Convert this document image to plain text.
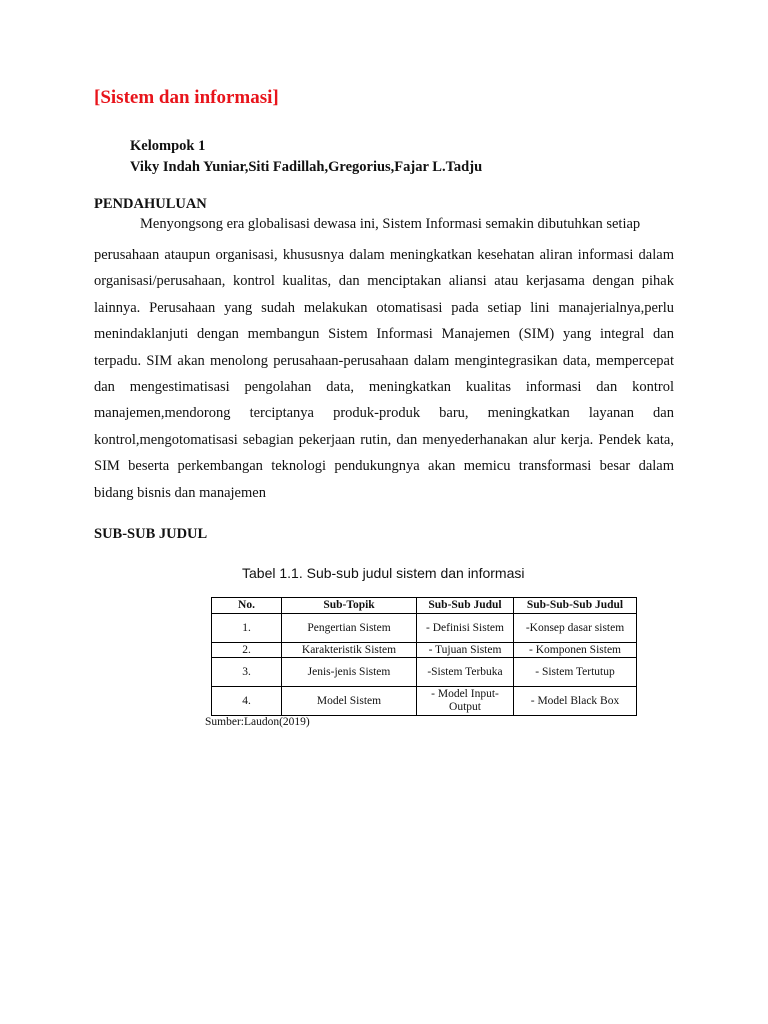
[Sistem dan informasi]
Kelompok 1
Viky Indah Yuniar,Siti Fadillah,Gregorius,Fajar L.Tadju
PENDAHULUAN
Menyongsong era globalisasi dewasa ini, Sistem Informasi semakin dibutuhkan setiap
perusahaan ataupun organisasi, khususnya dalam meningkatkan kesehatan aliran informasi dalam organisasi/perusahaan, kontrol kualitas, dan menciptakan aliansi atau kerjasama dengan pihak lainnya. Perusahaan yang sudah melakukan otomatisasi pada setiap lini manajerialnya,perlu menindaklanjuti dengan membangun Sistem Informasi Manajemen (SIM) yang integral dan terpadu. SIM akan menolong perusahaan-perusahaan dalam mengintegrasikan data, mempercepat dan mengestimatisasi pengolahan data, meningkatkan kualitas informasi dan kontrol manajemen,mendorong terciptanya produk-produk baru, meningkatkan layanan dan kontrol,mengotomatisasi sebagian pekerjaan rutin, dan menyederhanakan alur kerja. Pendek kata, SIM beserta perkembangan teknologi pendukungnya akan memicu transformasi besar dalam bidang bisnis dan manajemen
SUB-SUB JUDUL
Tabel 1.1. Sub-sub judul sistem dan informasi
No.	Sub-Topik	Sub-Sub Judul	Sub-Sub-Sub Judul
1.	Pengertian Sistem	- Definisi Sistem	-Konsep dasar sistem
2.	Karakteristik Sistem	- Tujuan Sistem	- Komponen Sistem
3.	Jenis-jenis Sistem	-Sistem Terbuka	- Sistem Tertutup
4.	Model Sistem	- Model Input-Output	- Model Black Box
Sumber:Laudon(2019)
